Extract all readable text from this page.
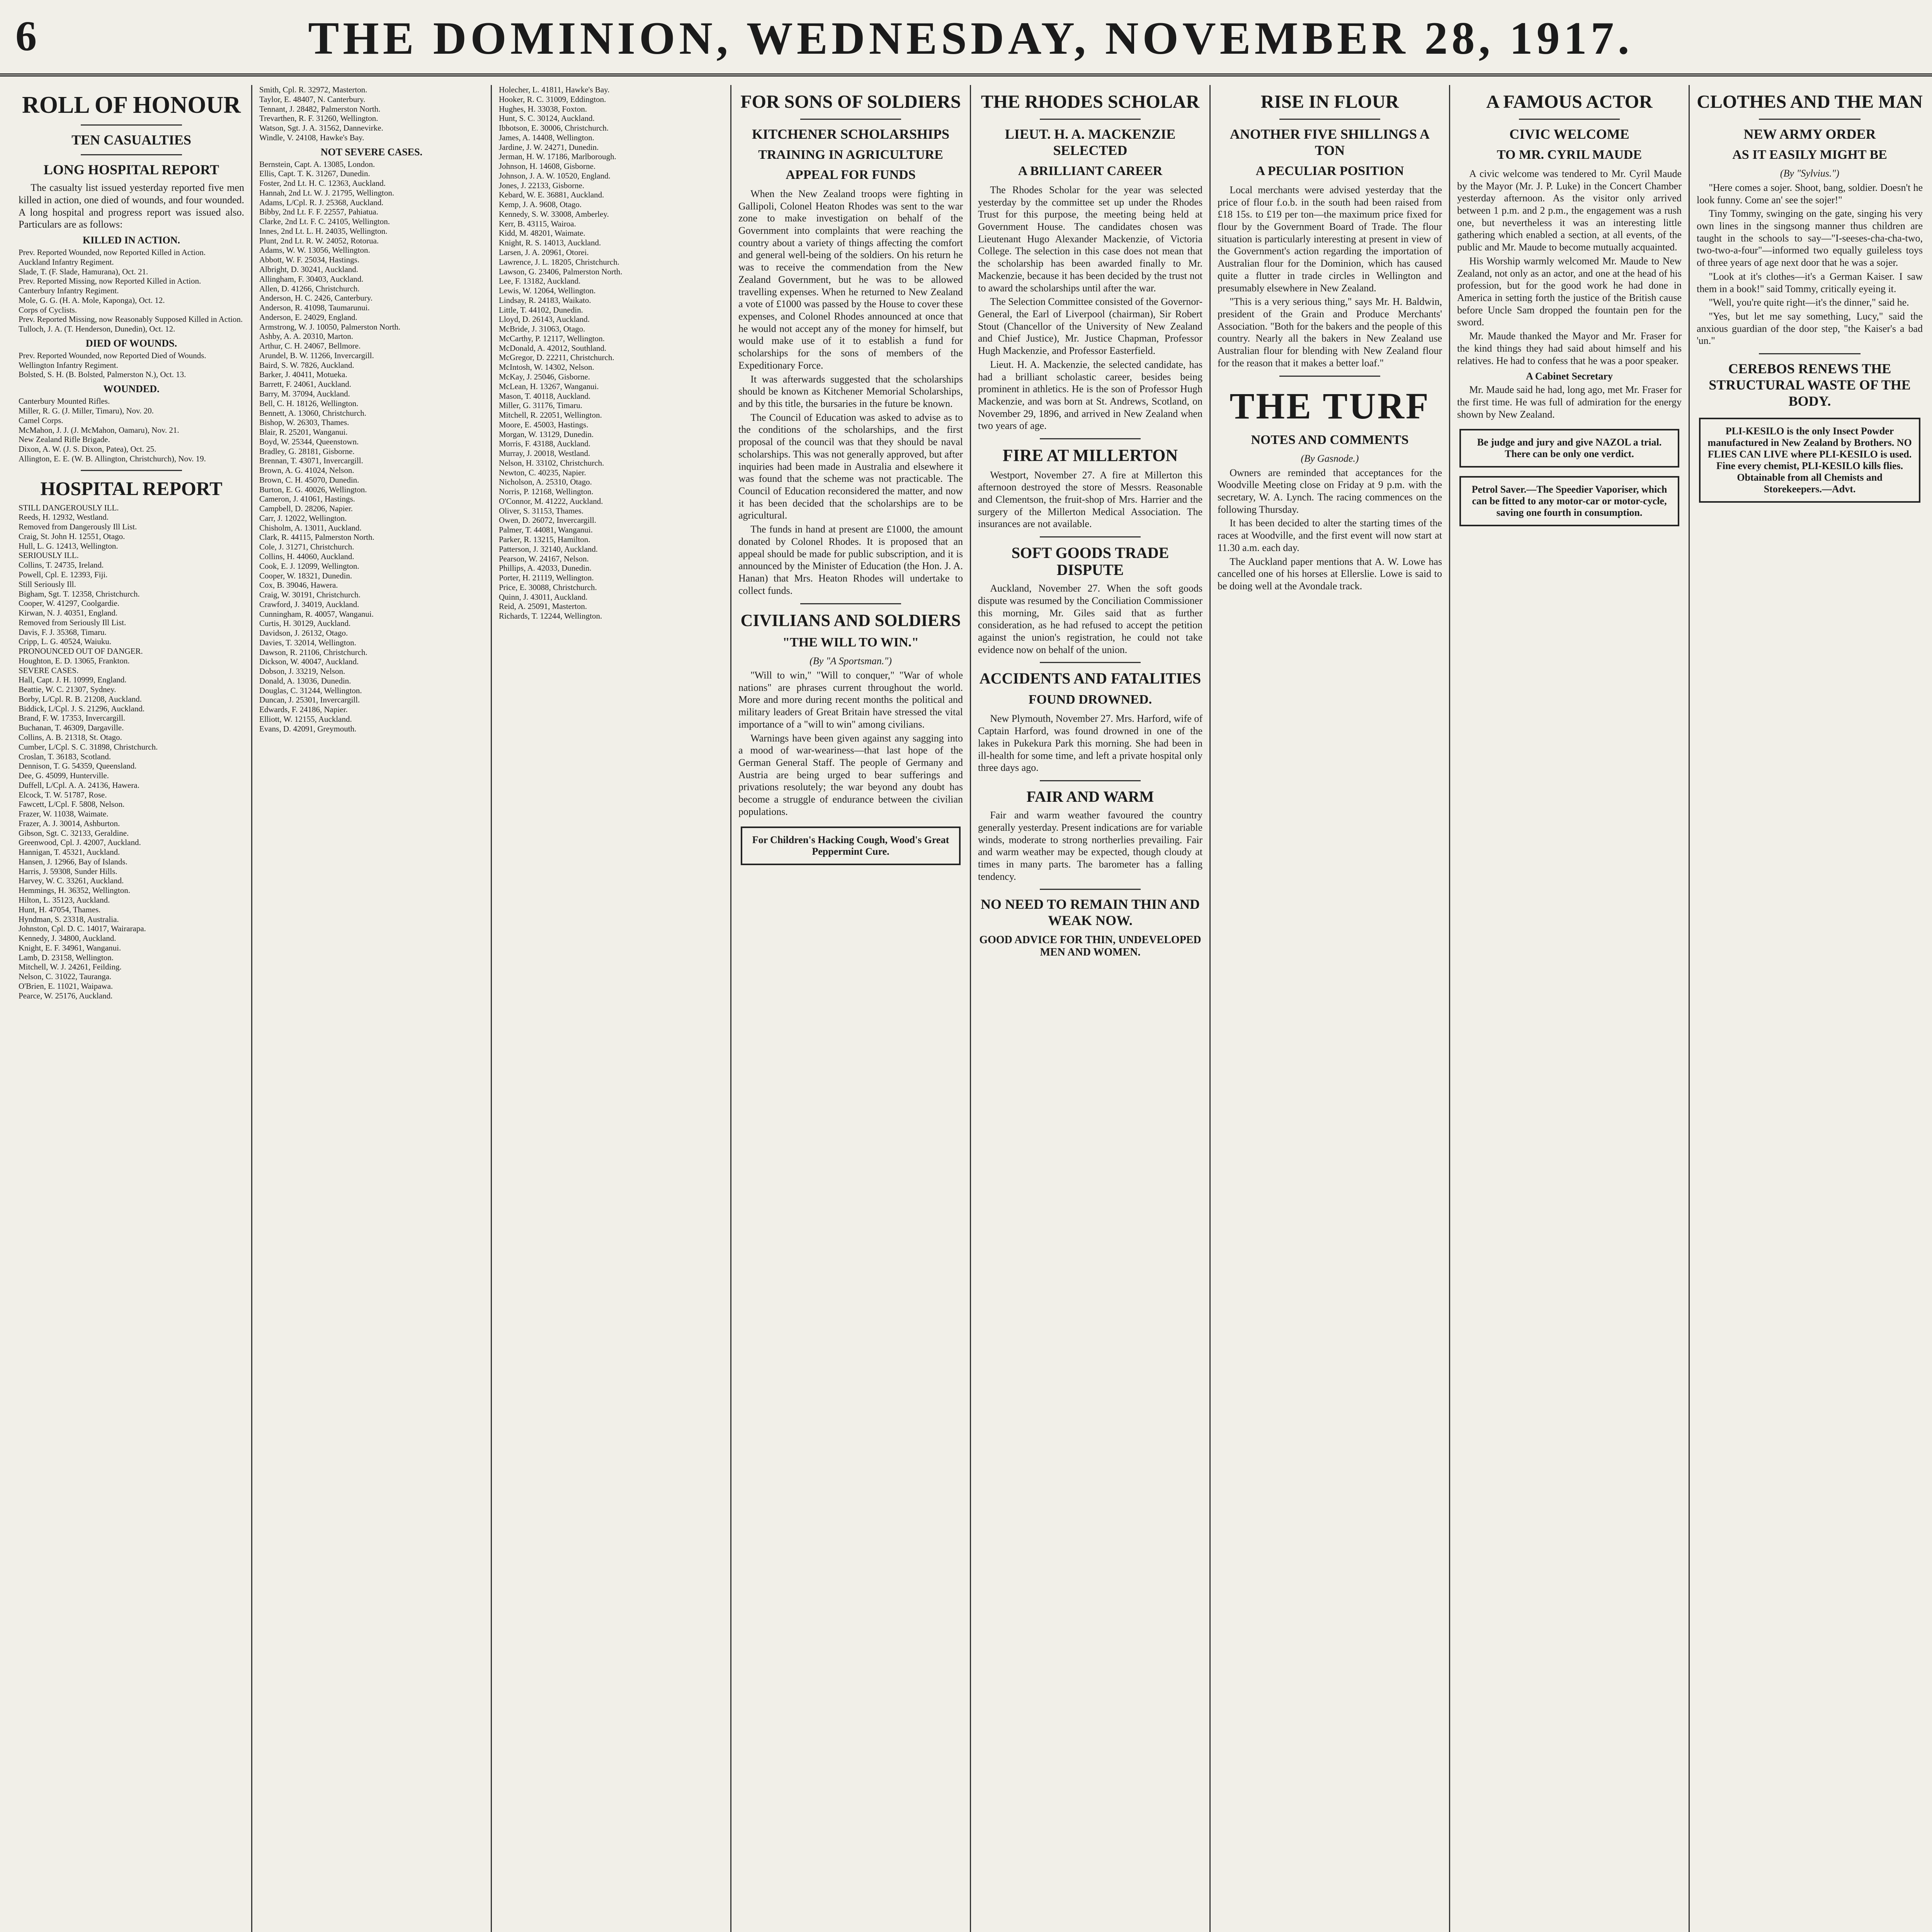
6	THE DOMINION, WEDNESDAY, NOVEMBER 28, 1917.
ROLL OF HONOUR
TEN CASUALTIES
LONG HOSPITAL REPORT

The casualty list issued yesterday reported five men killed in action, one died of wounds, and four wounded. A long hospital and progress report was issued also. Particulars are as follows:

KILLED IN ACTION.
Prev. Reported Wounded, now Reported Killed in Action.
Auckland Infantry Regiment.
Slade, T. (F. Slade, Hamurana), Oct. 21.
Prev. Reported Missing, now Reported Killed in Action.
Canterbury Infantry Regiment.
Mole, G. G. (H. A. Mole, Kaponga), Oct. 12.
Corps of Cyclists.
Prev. Reported Missing, now Reasonably Supposed Killed in Action.
Tulloch, J. A. (T. Henderson, Dunedin), Oct. 12.
DIED OF WOUNDS.
Prev. Reported Wounded, now Reported Died of Wounds.
Wellington Infantry Regiment.
Bolsted, S. H. (B. Bolsted, Palmerston N.), Oct. 13.
WOUNDED.
Canterbury Mounted Rifles.
Miller, R. G. (J. Miller, Timaru), Nov. 20.
Camel Corps.
McMahon, J. J. (J. McMahon, Oamaru), Nov. 21.
New Zealand Rifle Brigade.
Dixon, A. W. (J. S. Dixon, Patea), Oct. 25.
Allington, E. E. (W. B. Allington, Christchurch), Nov. 19.
HOSPITAL REPORT
STILL DANGEROUSLY ILL.
Reeds, H. 12932, Westland.
Removed from Dangerously Ill List.
Craig, St. John H. 12551, Otago.
Hull, L. G. 12413, Wellington.
SERIOUSLY ILL.
Collins, T. 24735, Ireland.
Powell, Cpl. E. 12393, Fiji.
Still Seriously Ill.
Bigham, Sgt. T. 12358, Christchurch.
Cooper, W. 41297, Coolgardie.
Kirwan, N. J. 40351, England.
Removed from Seriously Ill List.
Davis, F. J. 35368, Timaru.
Cripp, L. G. 40524, Waiuku.
PRONOUNCED OUT OF DANGER.
Houghton, E. D. 13065, Frankton.
SEVERE CASES.
Hall, Capt. J. H. 10999, England.
Beattie, W. C. 21307, Sydney.
Borby, L/Cpl. R. B. 21208, Auckland.
Biddick, L/Cpl. J. S. 21296, Auckland.
Brand, F. W. 17353, Invercargill.
Buchanan, T. 46309, Dargaville.
Collins, A. B. 21318, St. Otago.
Cumber, L/Cpl. S. C. 31898, Christchurch.
Croslan, T. 36183, Scotland.
Dennison, T. G. 54359, Queensland.
Dee, G. 45099, Hunterville.
Duffell, L/Cpl. A. A. 24136, Hawera.
Elcock, T. W. 51787, Rose.
Fawcett, L/Cpl. F. 5808, Nelson.
Frazer, W. 11038, Waimate.
Frazer, A. J. 30014, Ashburton.
Gibson, Sgt. C. 32133, Geraldine.
Greenwood, Cpl. J. 42007, Auckland.
Hannigan, T. 45321, Auckland.
Hansen, J. 12966, Bay of Islands.
Harris, J. 59308, Sunder Hills.
Harvey, W. C. 33261, Auckland.
Hemmings, H. 36352, Wellington.
Hilton, L. 35123, Auckland.
Hunt, H. 47054, Thames.
Hyndman, S. 23318, Australia.
Johnston, Cpl. D. C. 14017, Wairarapa.
Kennedy, J. 34800, Auckland.
Knight, E. F. 34961, Wanganui.
Lamb, D. 23158, Wellington.
Mitchell, W. J. 24261, Feilding.
Nelson, C. 31022, Tauranga.
O'Brien, E. 11021, Waipawa.
Pearce, W. 25176, Auckland.
Smith, Cpl. R. 32972, Masterton.
Taylor, E. 48407, N. Canterbury.
Tennant, J. 28482, Palmerston North.
Trevarthen, R. F. 31260, Wellington.
Watson, Sgt. J. A. 31562, Dannevirke.
Windle, V. 24108, Hawke's Bay.
NOT SEVERE CASES.
Bernstein, Capt. A. 13085, London.
Ellis, Capt. T. K. 31267, Dunedin.
Foster, 2nd Lt. H. C. 12363, Auckland.
Hannah, 2nd Lt. W. J. 21795, Wellington.
Adams, L/Cpl. R. J. 25368, Auckland.
Bibby, 2nd Lt. F. F. 22557, Pahiatua.
Clarke, 2nd Lt. F. C. 24105, Wellington.
Innes, 2nd Lt. L. H. 24035, Wellington.
Plunt, 2nd Lt. R. W. 24052, Rotorua.
Adams, W. W. 13056, Wellington.
Abbott, W. F. 25034, Hastings.
Albright, D. 30241, Auckland.
Allingham, F. 30403, Auckland.
Allen, D. 41266, Christchurch.
Anderson, H. C. 2426, Canterbury.
Anderson, R. 41098, Taumarunui.
Anderson, E. 24029, England.
Armstrong, W. J. 10050, Palmerston North.
Ashby, A. A. 20310, Marton.
Arthur, C. H. 24067, Bellmore.
Arundel, B. W. 11266, Invercargill.
Baird, S. W. 7826, Auckland.
Barker, J. 40411, Motueka.
Barrett, F. 24061, Auckland.
Barry, M. 37094, Auckland.
Bell, C. H. 18126, Wellington.
Bennett, A. 13060, Christchurch.
Bishop, W. 26303, Thames.
Blair, R. 25201, Wanganui.
Boyd, W. 25344, Queenstown.
Bradley, G. 28181, Gisborne.
Brennan, T. 43071, Invercargill.
Brown, A. G. 41024, Nelson.
Brown, C. H. 45070, Dunedin.
Burton, E. G. 40026, Wellington.
Cameron, J. 41061, Hastings.
Campbell, D. 28206, Napier.
Carr, J. 12022, Wellington.
Chisholm, A. 13011, Auckland.
Clark, R. 44115, Palmerston North.
Cole, J. 31271, Christchurch.
Collins, H. 44060, Auckland.
Cook, E. J. 12099, Wellington.
Cooper, W. 18321, Dunedin.
Cox, B. 39046, Hawera.
Craig, W. 30191, Christchurch.
Crawford, J. 34019, Auckland.
Cunningham, R. 40057, Wanganui.
Curtis, H. 30129, Auckland.
Davidson, J. 26132, Otago.
Davies, T. 32014, Wellington.
Dawson, R. 21106, Christchurch.
Dickson, W. 40047, Auckland.
Dobson, J. 33219, Nelson.
Donald, A. 13036, Dunedin.
Douglas, C. 31244, Wellington.
Duncan, J. 25301, Invercargill.
Edwards, F. 24186, Napier.
Elliott, W. 12155, Auckland.
Evans, D. 42091, Greymouth.
Holecher, L. 41811, Hawke's Bay.
Hooker, R. C. 31009, Eddington.
Hughes, H. 33038, Foxton.
Hunt, S. C. 30124, Auckland.
Ibbotson, E. 30006, Christchurch.
James, A. 14408, Wellington.
Jardine, J. W. 24271, Dunedin.
Jerman, H. W. 17186, Marlborough.
Johnson, H. 14608, Gisborne.
Johnson, J. A. W. 10520, England.
Jones, J. 22133, Gisborne.
Kebard, W. E. 36881, Auckland.
Kemp, J. A. 9608, Otago.
Kennedy, S. W. 33008, Amberley.
Kerr, B. 43115, Wairoa.
Kidd, M. 48201, Waimate.
Knight, R. S. 14013, Auckland.
Larsen, J. A. 20961, Otorei.
Lawrence, J. L. 18205, Christchurch.
Lawson, G. 23406, Palmerston North.
Lee, F. 13182, Auckland.
Lewis, W. 12064, Wellington.
Lindsay, R. 24183, Waikato.
Little, T. 44102, Dunedin.
Lloyd, D. 26143, Auckland.
McBride, J. 31063, Otago.
McCarthy, P. 12117, Wellington.
McDonald, A. 42012, Southland.
McGregor, D. 22211, Christchurch.
McIntosh, W. 14302, Nelson.
McKay, J. 25046, Gisborne.
McLean, H. 13267, Wanganui.
Mason, T. 40118, Auckland.
Miller, G. 31176, Timaru.
Mitchell, R. 22051, Wellington.
Moore, E. 45003, Hastings.
Morgan, W. 13129, Dunedin.
Morris, F. 43188, Auckland.
Murray, J. 20018, Westland.
Nelson, H. 33102, Christchurch.
Newton, C. 40235, Napier.
Nicholson, A. 25310, Otago.
Norris, P. 12168, Wellington.
O'Connor, M. 41222, Auckland.
Oliver, S. 31153, Thames.
Owen, D. 26072, Invercargill.
Palmer, T. 44081, Wanganui.
Parker, R. 13215, Hamilton.
Patterson, J. 32140, Auckland.
Pearson, W. 24167, Nelson.
Phillips, A. 42033, Dunedin.
Porter, H. 21119, Wellington.
Price, E. 30088, Christchurch.
Quinn, J. 43011, Auckland.
Reid, A. 25091, Masterton.
Richards, T. 12244, Wellington.
FOR SONS OF SOLDIERS
KITCHENER SCHOLARSHIPS
TRAINING IN AGRICULTURE
APPEAL FOR FUNDS

When the New Zealand troops were fighting in Gallipoli, Colonel Heaton Rhodes was sent to the war zone to make investigation on behalf of the Government into complaints that were reaching the country about a variety of things affecting the comfort and general well-being of the soldiers. On his return he was to receive the commendation from the New Zealand Government, but he was to be allowed travelling expenses. When he returned to New Zealand a vote of £1000 was passed by the House to cover these expenses, and Colonel Rhodes announced at once that he would not accept any of the money for himself, but would make use of it to establish a fund for scholarships for the sons of members of the Expeditionary Force.

It was afterwards suggested that the scholarships should be known as Kitchener Memorial Scholarships, and by this title, the bursaries in the future be known.

The Council of Education was asked to advise as to the conditions of the scholarships, and the first proposal of the council was that they should be naval scholarships. This was not generally approved, but after inquiries had been made in Australia and elsewhere it was found that the scheme was not practicable. The Council of Education reconsidered the matter, and now it has been decided that the scholarships are to be agricultural.

The funds in hand at present are £1000, the amount donated by Colonel Rhodes. It is proposed that an appeal should be made for public subscription, and it is announced by the Minister of Education (the Hon. J. A. Hanan) that Mrs. Heaton Rhodes will undertake to collect funds.

CIVILIANS AND SOLDIERS
"THE WILL TO WIN."
(By "A Sportsman.")

"Will to win," "Will to conquer," "War of whole nations" are phrases current throughout the world. More and more during recent months the political and military leaders of Great Britain have stressed the vital importance of a "will to win" among civilians.

Warnings have been given against any sagging into a mood of war-weariness—that last hope of the German General Staff. The people of Germany and Austria are being urged to bear sufferings and privations resolutely; the war beyond any doubt has become a struggle of endurance between the civilian populations.

For Children's Hacking Cough, Wood's Great Peppermint Cure.
THE RHODES SCHOLAR
LIEUT. H. A. MACKENZIE SELECTED
A BRILLIANT CAREER

The Rhodes Scholar for the year was selected yesterday by the committee set up under the Rhodes Trust for this purpose, the meeting being held at Government House. The candidates chosen was Lieutenant Hugo Alexander Mackenzie, of Victoria College. The selection in this case does not mean that the scholarship has been awarded finally to Mr. Mackenzie, because it has been decided by the trust not to award the scholarships until after the war.

The Selection Committee consisted of the Governor-General, the Earl of Liverpool (chairman), Sir Robert Stout (Chancellor of the University of New Zealand and Chief Justice), Mr. Justice Chapman, Professor Hugh Mackenzie, and Professor Easterfield.

Lieut. H. A. Mackenzie, the selected candidate, has had a brilliant scholastic career, besides being prominent in athletics. He is the son of Professor Hugh Mackenzie, and was born at St. Andrews, Scotland, on November 29, 1896, and arrived in New Zealand when two years of age.

FIRE AT MILLERTON

Westport, November 27. A fire at Millerton this afternoon destroyed the store of Messrs. Reasonable and Clementson, the fruit-shop of Mrs. Harrier and the surgery of the Millerton Medical Association. The insurances are not available.

SOFT GOODS TRADE DISPUTE

Auckland, November 27. When the soft goods dispute was resumed by the Conciliation Commissioner this morning, Mr. Giles said that as further consideration, as he had refused to accept the petition against the union's registration, he could not take evidence now on behalf of the union.

ACCIDENTS AND FATALITIES
FOUND DROWNED.

New Plymouth, November 27. Mrs. Harford, wife of Captain Harford, was found drowned in one of the lakes in Pukekura Park this morning. She had been in ill-health for some time, and left a private hospital only three days ago.

FAIR AND WARM

Fair and warm weather favoured the country generally yesterday. Present indications are for variable winds, moderate to strong northerlies prevailing. Fair and warm weather may be expected, though cloudy at times in many parts. The barometer has a falling tendency.

NO NEED TO REMAIN THIN AND WEAK NOW.
GOOD ADVICE FOR THIN, UNDEVELOPED MEN AND WOMEN.
RISE IN FLOUR
ANOTHER FIVE SHILLINGS A TON
A PECULIAR POSITION

Local merchants were advised yesterday that the price of flour f.o.b. in the south had been raised from £18 15s. to £19 per ton—the maximum price fixed for flour by the Government Board of Trade. The flour situation is particularly interesting at present in view of the Government's action regarding the importation of Australian flour for the Dominion, which has caused quite a flutter in trade circles in Wellington and presumably elsewhere in New Zealand.

"This is a very serious thing," says Mr. H. Baldwin, president of the Grain and Produce Merchants' Association. "Both for the bakers and the people of this country. Nearly all the bakers in New Zealand use Australian flour for blending with New Zealand flour for the reason that it makes a better loaf."

THE TURF
NOTES AND COMMENTS
(By Gasnode.)

Owners are reminded that acceptances for the Woodville Meeting close on Friday at 9 p.m. with the secretary, W. A. Lynch. The racing commences on the following Thursday.

It has been decided to alter the starting times of the races at Woodville, and the first event will now start at 11.30 a.m. each day.

The Auckland paper mentions that A. W. Lowe has cancelled one of his horses at Ellerslie. Lowe is said to be doing well at the Avondale track.

A FAMOUS ACTOR
CIVIC WELCOME
TO MR. CYRIL MAUDE

A civic welcome was tendered to Mr. Cyril Maude by the Mayor (Mr. J. P. Luke) in the Concert Chamber yesterday afternoon. As the visitor only arrived between 1 p.m. and 2 p.m., the engagement was a rush one, but nevertheless it was an interesting little gathering which enabled a section, at all events, of the public and Mr. Maude to become mutually acquainted.

His Worship warmly welcomed Mr. Maude to New Zealand, not only as an actor, and one at the head of his profession, but for the good work he had done in America in setting forth the justice of the British cause before Uncle Sam dropped the fountain pen for the sword.

Mr. Maude thanked the Mayor and Mr. Fraser for the kind things they had said about himself and his relatives. He had to confess that he was a poor speaker.

A Cabinet Secretary

Mr. Maude said he had, long ago, met Mr. Fraser for the first time. He was full of admiration for the energy shown by New Zealand.

Be judge and jury and give NAZOL a trial. There can be only one verdict.
Petrol Saver.—The Speedier Vaporiser, which can be fitted to any motor-car or motor-cycle, saving one fourth in consumption.
CLOTHES AND THE MAN
NEW ARMY ORDER
AS IT EASILY MIGHT BE
(By "Sylvius.")

"Here comes a sojer. Shoot, bang, soldier. Doesn't he look funny. Come an' see the sojer!"

Tiny Tommy, swinging on the gate, singing his very own lines in the singsong manner thus children are taught in the schools to say—"I-seeses-cha-cha-two, two-two-a-four"—informed two equally guileless toys of three years of age next door that he was a sojer.

"Look at it's clothes—it's a German Kaiser. I saw them in a book!" said Tommy, critically eyeing it.

"Well, you're quite right—it's the dinner," said he.

"Yes, but let me say something, Lucy," said the anxious guardian of the door step, "the Kaiser's a bad 'un."

CEREBOS RENEWS THE STRUCTURAL WASTE OF THE BODY.
PLI-KESILO is the only Insect Powder manufactured in New Zealand by Brothers. NO FLIES CAN LIVE where PLI-KESILO is used. Fine every chemist, PLI-KESILO kills flies. Obtainable from all Chemists and Storekeepers.—Advt.
